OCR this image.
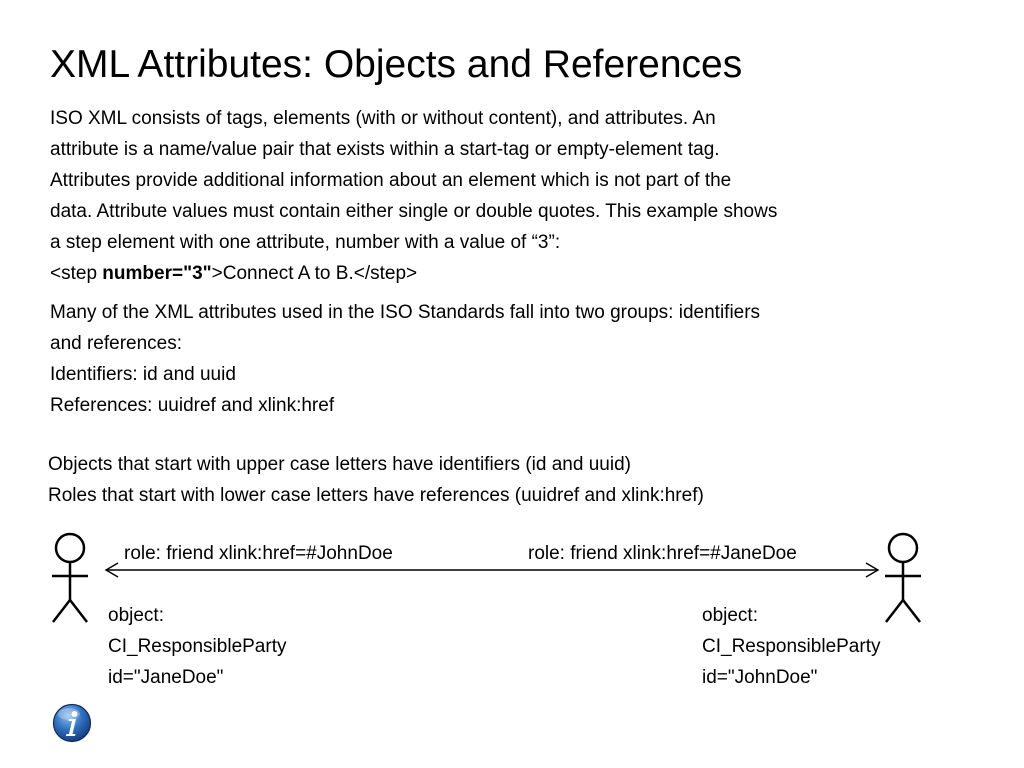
XML Attributes: Objects and References

ISO XML consists of tags, elements (with or without content), and attributes. An

attribute is a name/value pair that exists within a start-tag or empty-element tag.

Attributes provide additional information about an element which is not part of the

data. Attribute values must contain either single or double quotes. This example shows

a step element with one attribute, number with a value of “3”:

<step number="3">Connect A to B.</step>

Many of the XML attributes used in the ISO Standards fall into two groups: identifiers

and references:

Identifiers: id and uuid

References: uuidref and xlink:href

Objects that start with upper case letters have identifiers (id and uuid)

Roles that start with lower case letters have references (uuidref and xlink:href)

role: friend xlink:href=#JohnDoe	role: friend xlink:href=#JaneDoe
object:
CI_ResponsibleParty
id="JaneDoe"
object:
CI_ResponsibleParty
id="JohnDoe"
